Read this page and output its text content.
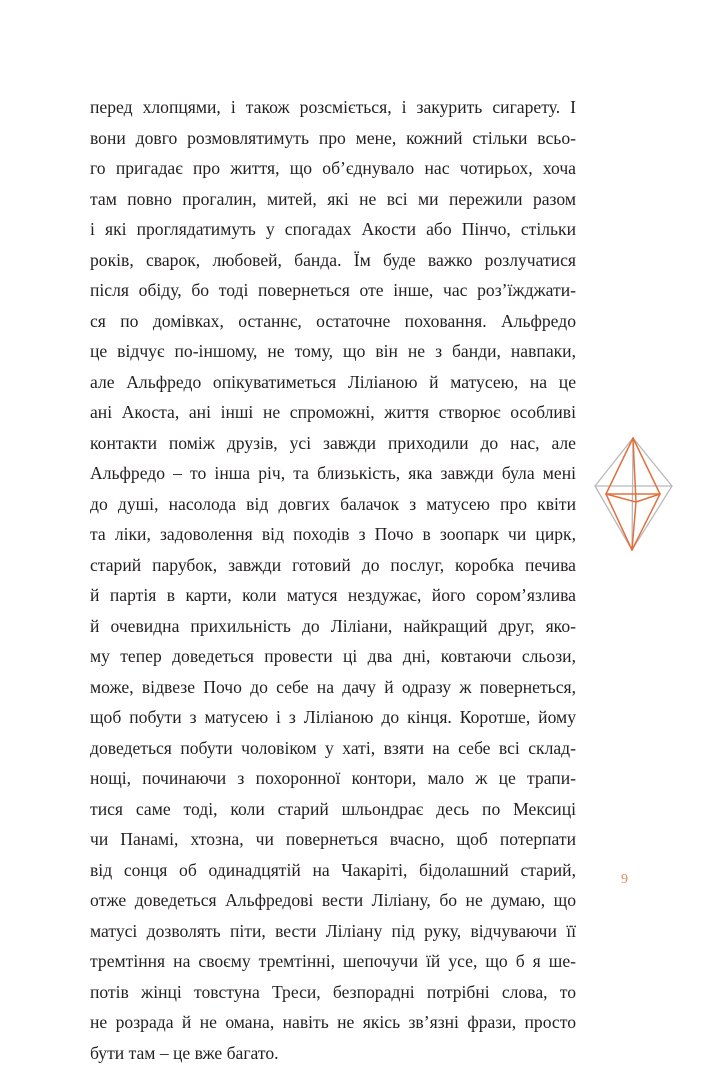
перед хлопцями, і також розсміється, і закурить сигарету. І
вони довго розмовлятимуть про мене, кожний стільки всьо-
го пригадає про життя, що об’єднувало нас чотирьох, хоча
там повно прогалин, митей, які не всі ми пережили разом
і які проглядатимуть у спогадах Акости або Пінчо, стільки
років, сварок, любовей, банда. Їм буде важко розлучатися
після обіду, бо тоді повернеться оте інше, час роз’їжджати-
ся по домівках, останнє, остаточне поховання. Альфредо
це відчує по-іншому, не тому, що він не з банди, навпаки,
але Альфредо опікуватиметься Ліліаною й матусею, на це
ані Акоста, ані інші не спроможні, життя створює особливі
контакти поміж друзів, усі завжди приходили до нас, але
Альфредо – то інша річ, та близькість, яка завжди була мені
до душі, насолода від довгих балачок з матусею про квіти
та ліки, задоволення від походів з Почо в зоопарк чи цирк,
старий парубок, завжди готовий до послуг, коробка печива
й партія в карти, коли матуся нездужає, його сором’язлива
й очевидна прихильність до Ліліани, найкращий друг, яко-
му тепер доведеться провести ці два дні, ковтаючи сльози,
може, відвезе Почо до себе на дачу й одразу ж повернеться,
щоб побути з матусею і з Ліліаною до кінця. Коротше, йому
доведеться побути чоловіком у хаті, взяти на себе всі склад-
нощі, починаючи з похоронної контори, мало ж це трапи-
тися саме тоді, коли старий шльондрає десь по Мексиці
чи Панамі, хтозна, чи повернеться вчасно, щоб потерпати
від сонця об одинадцятій на Чакаріті, бідолашний старий,
отже доведеться Альфредові вести Ліліану, бо не думаю, що
матусі дозволять піти, вести Ліліану під руку, відчуваючи її
тремтіння на своєму тремтінні, шепочучи їй усе, що б я ше-
потів жінці товстуна Треси, безпорадні потрібні слова, то
не розрада й не омана, навіть не якісь зв’язні фрази, просто
бути там – це вже багато.
9
